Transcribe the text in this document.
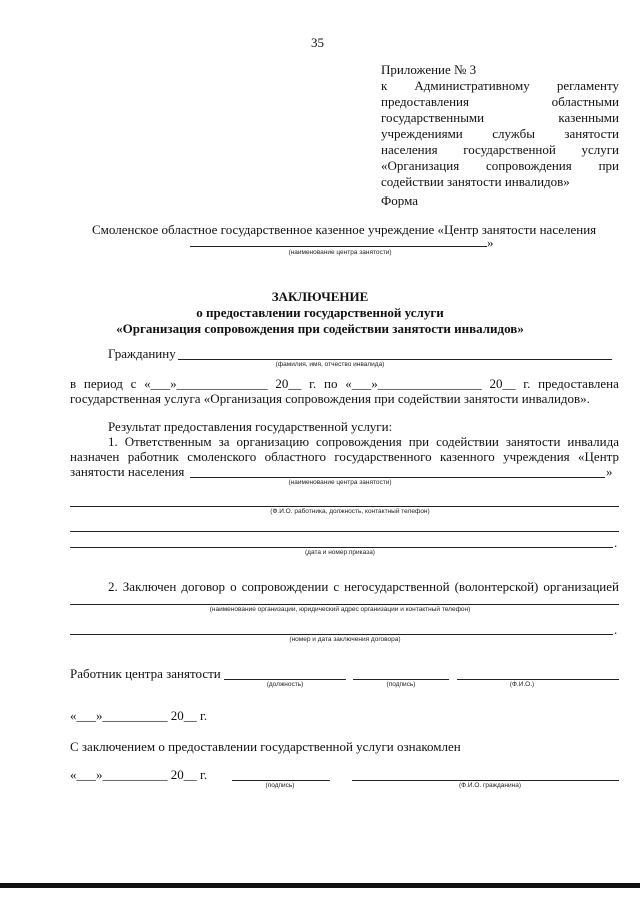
35
Приложение № 3
к Административному регламенту
предоставления	областными
государственными	казенными
учреждениями службы занятости
населения государственной услуги
«Организация сопровождения при
содействии занятости инвалидов»
Форма
Смоленское областное государственное казенное учреждение «Центр занятости населения
»
(наименование центра занятости)
ЗАКЛЮЧЕНИЕ
о предоставлении государственной услуги
«Организация сопровождения при содействии занятости инвалидов»
Гражданину
(фамилия, имя, отчество инвалида)
в период с «___»______________ 20__ г. по «___»________________ 20__ г. предоставлена
государственная услуга «Организация сопровождения при содействии занятости инвалидов».
Результат предоставления государственной услуги:
1. Ответственным за организацию сопровождения при содействии занятости инвалида
назначен работник смоленского областного государственного казенного учреждения «Центр
занятости населения	»
(наименование центра занятости)
(Ф.И.О. работника, должность, контактный телефон)
.
(дата и номер приказа)
2. Заключен договор о сопровождении с негосударственной (волонтерской) организацией
(наименование организации, юридический адрес организации и контактный телефон)
.
(номер и дата заключения договора)
Работник центра занятости
(должность)	(подпись)	(Ф.И.О.)
«___»__________ 20__ г.
С заключением о предоставлении государственной услуги ознакомлен
«___»__________ 20__ г.
(подпись)	(Ф.И.О. гражданина)
